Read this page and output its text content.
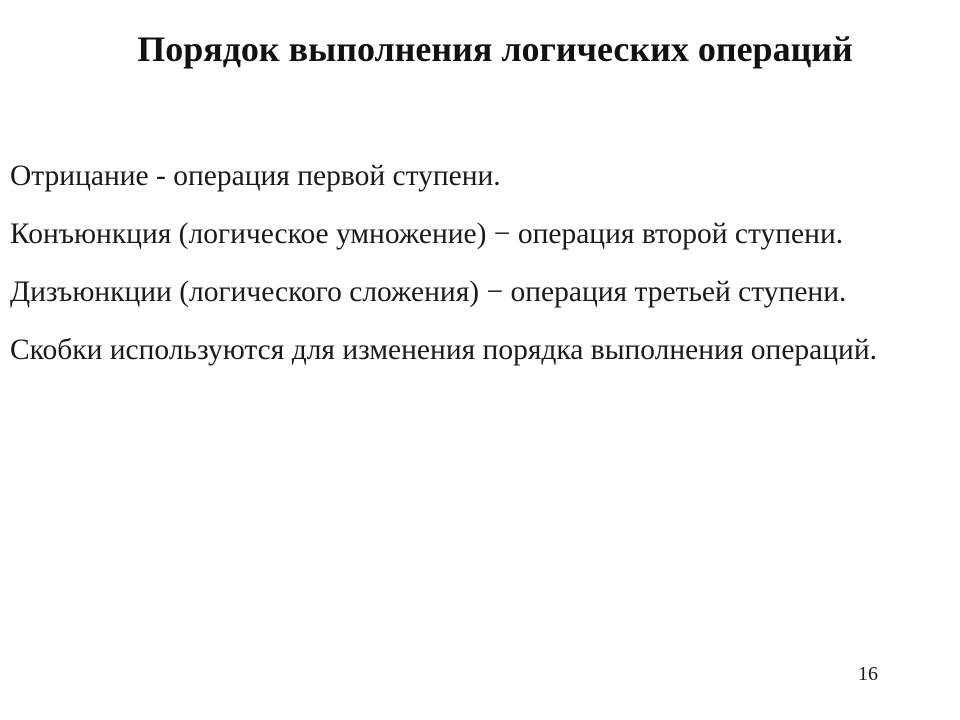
Порядок выполнения логических операций

Отрицание - операция первой ступени.

Конъюнкция (логическое умножение) − операция второй ступени.

Дизъюнкции (логического сложения) − операция третьей ступени.

Скобки используются для изменения порядка выполнения операций.

16
